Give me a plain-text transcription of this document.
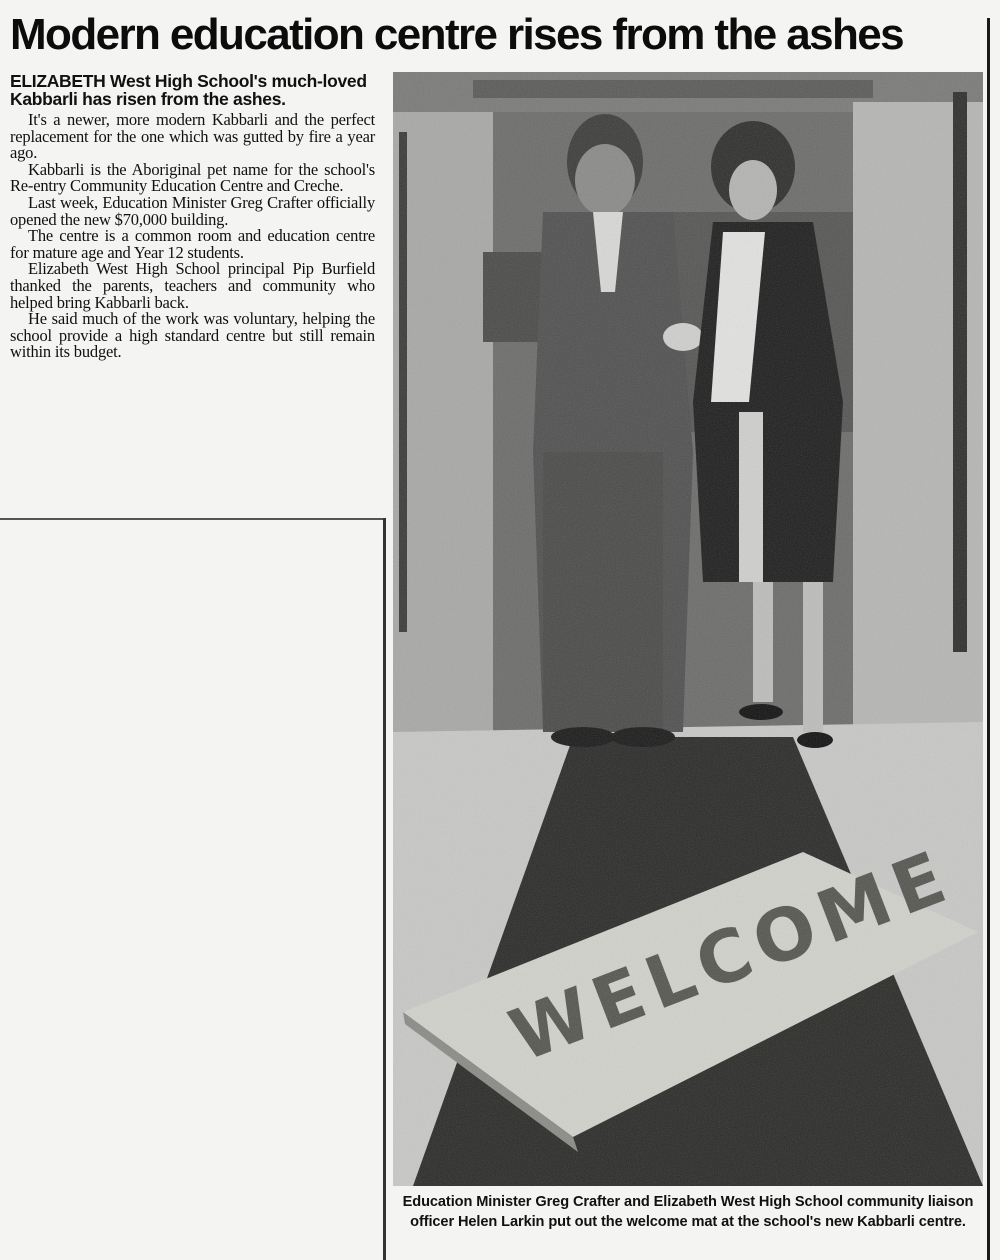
Modern education centre rises from the ashes

ELIZABETH West High School's much-loved Kabbarli has risen from the ashes.

It's a newer, more modern Kabbarli and the perfect replacement for the one which was gutted by fire a year ago.

Kabbarli is the Aboriginal pet name for the school's Re-entry Community Education Centre and Creche.

Last week, Education Minister Greg Crafter officially opened the new $70,000 building.

The centre is a common room and education centre for mature age and Year 12 students.

Elizabeth West High School principal Pip Burfield thanked the parents, teachers and community who helped bring Kabbarli back.

He said much of the work was voluntary, helping the school provide a high standard centre but still remain within its budget.

Education Minister Greg Crafter and Elizabeth West High School community liaison officer Helen Larkin put out the welcome mat at the school's new Kabbarli centre.
